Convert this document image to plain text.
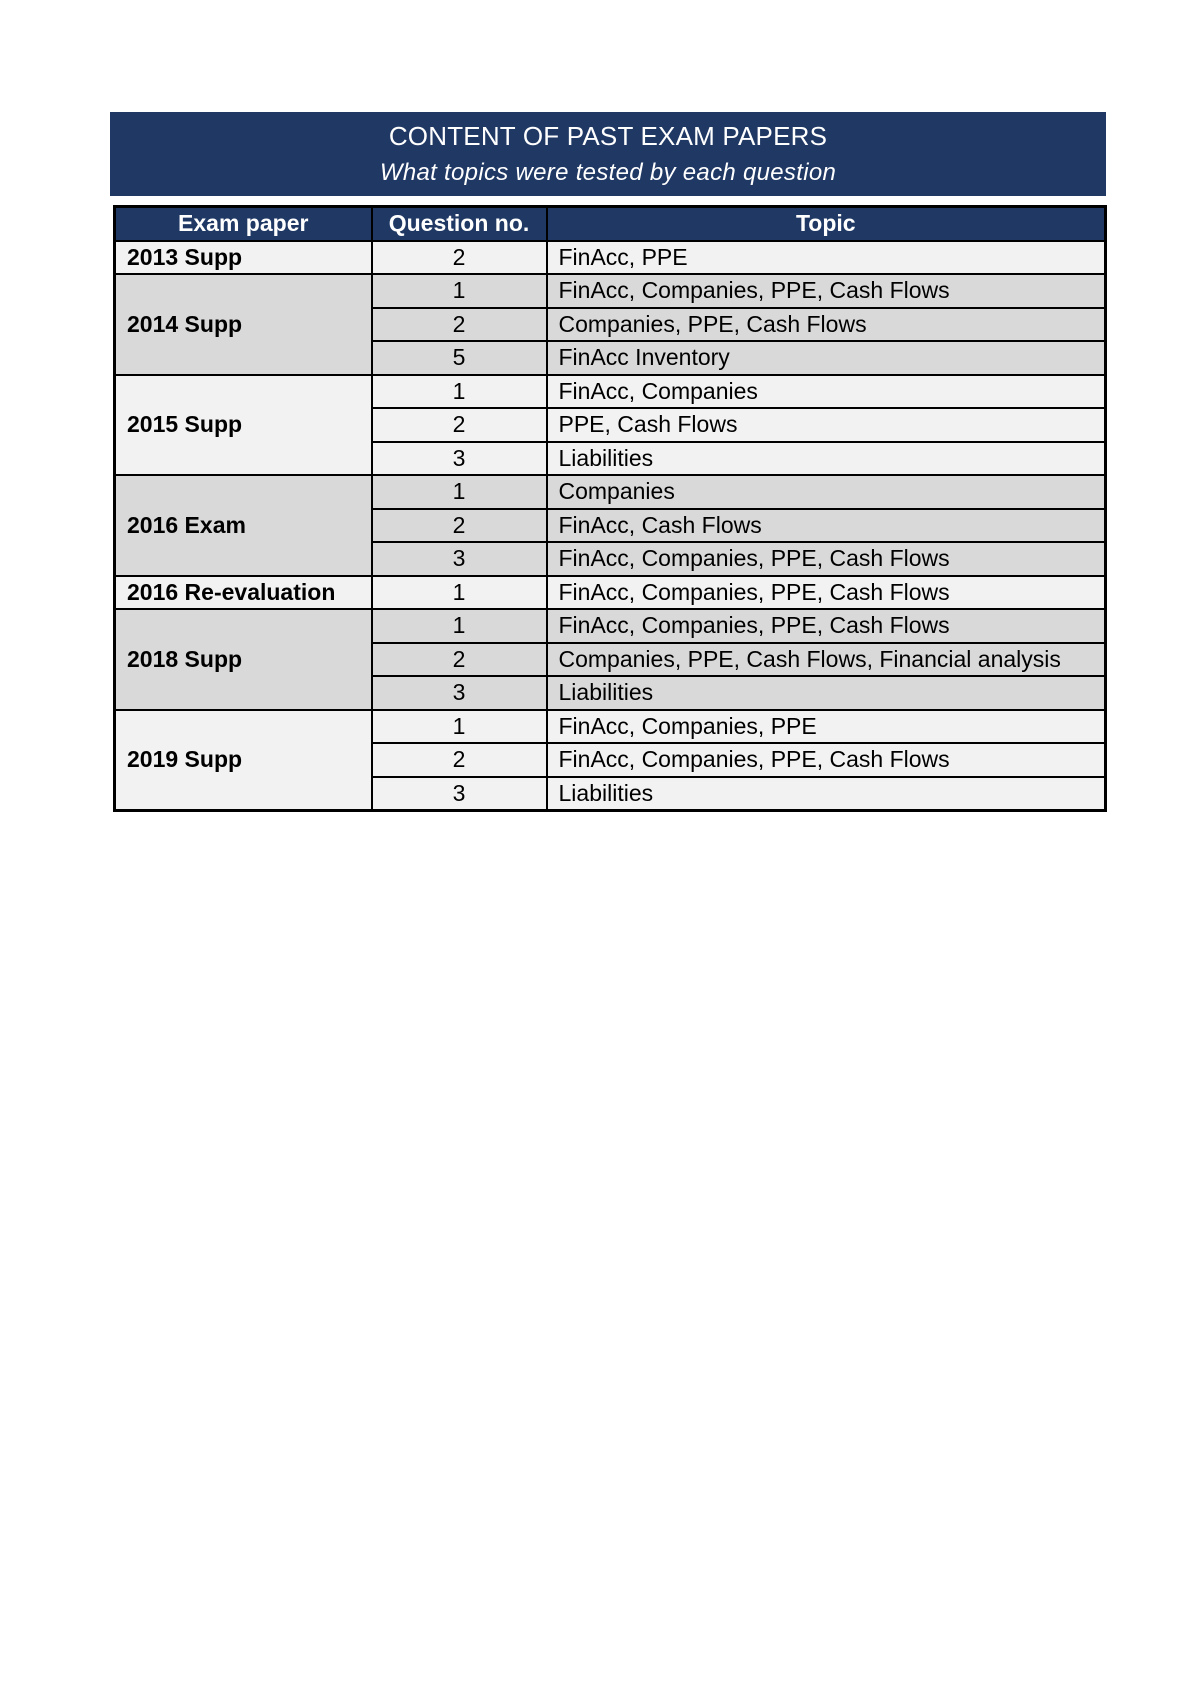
CONTENT OF PAST EXAM PAPERS
What topics were tested by each question
Exam paper	Question no.	Topic
2013 Supp	2	FinAcc, PPE
2014 Supp	1	FinAcc, Companies, PPE, Cash Flows
	2	Companies, PPE, Cash Flows
	5	FinAcc Inventory
2015 Supp	1	FinAcc, Companies
	2	PPE, Cash Flows
	3	Liabilities
2016 Exam	1	Companies
	2	FinAcc, Cash Flows
	3	FinAcc, Companies, PPE, Cash Flows
2016 Re-evaluation	1	FinAcc, Companies, PPE, Cash Flows
2018 Supp	1	FinAcc, Companies, PPE, Cash Flows
	2	Companies, PPE, Cash Flows, Financial analysis
	3	Liabilities
2019 Supp	1	FinAcc, Companies, PPE
	2	FinAcc, Companies, PPE, Cash Flows
	3	Liabilities
